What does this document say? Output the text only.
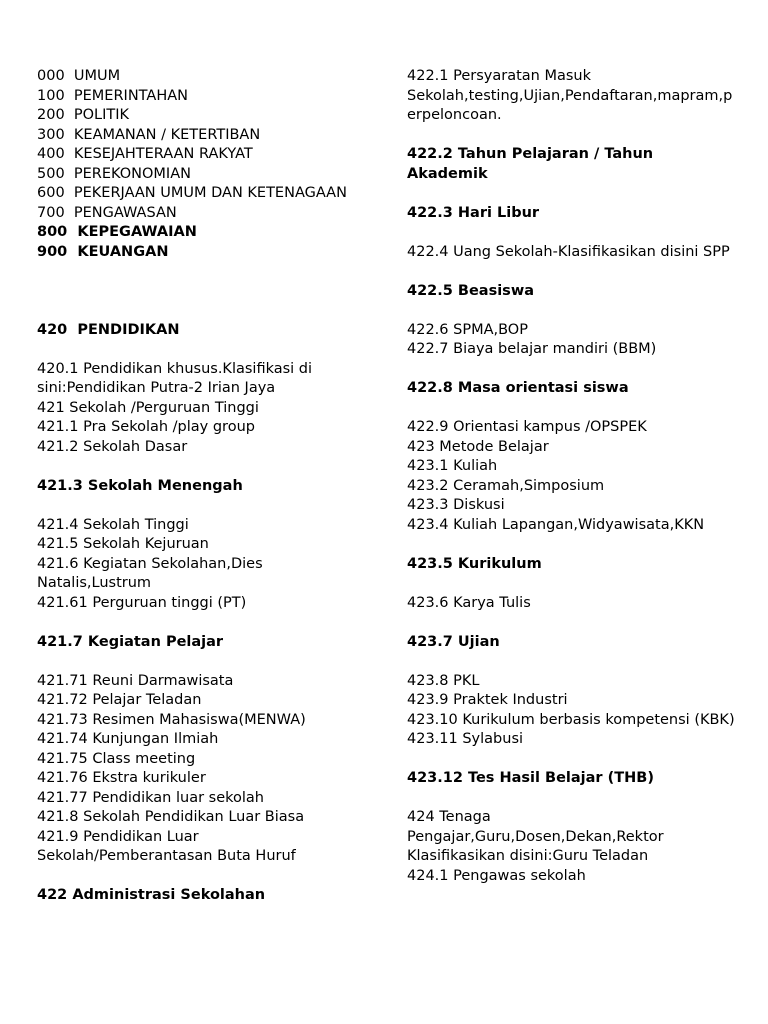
000  UMUM
100  PEMERINTAHAN
200  POLITIK
300  KEAMANAN / KETERTIBAN
400  KESEJAHTERAAN RAKYAT
500  PEREKONOMIAN
600  PEKERJAAN UMUM DAN KETENAGAAN
700  PENGAWASAN
800  KEPEGAWAIAN
900  KEUANGAN
420  PENDIDIKAN
420.1 Pendidikan khusus.Klasifikasi di sini:Pendidikan Putra-2 Irian Jaya
421 Sekolah /Perguruan Tinggi
421.1 Pra Sekolah /play group
421.2 Sekolah Dasar
421.3 Sekolah Menengah
421.4 Sekolah Tinggi
421.5 Sekolah Kejuruan
421.6 Kegiatan Sekolahan,Dies Natalis,Lustrum
421.61 Perguruan tinggi (PT)
421.7 Kegiatan Pelajar
421.71 Reuni Darmawisata
421.72 Pelajar Teladan
421.73 Resimen Mahasiswa(MENWA)
421.74 Kunjungan Ilmiah
421.75 Class meeting
421.76 Ekstra kurikuler
421.77 Pendidikan luar sekolah
421.8 Sekolah Pendidikan Luar Biasa
421.9 Pendidikan Luar Sekolah/Pemberantasan Buta Huruf
422 Administrasi Sekolahan
422.1 Persyaratan Masuk Sekolah,testing,Ujian,Pendaftaran,mapram,perpeloncoan.
422.2 Tahun Pelajaran / Tahun Akademik
422.3 Hari Libur
422.4 Uang Sekolah-Klasifikasikan disini SPP
422.5 Beasiswa
422.6 SPMA,BOP
422.7 Biaya belajar mandiri (BBM)
422.8 Masa orientasi siswa
422.9 Orientasi kampus /OPSPEK
423 Metode Belajar
423.1 Kuliah
423.2 Ceramah,Simposium
423.3 Diskusi
423.4 Kuliah Lapangan,Widyawisata,KKN
423.5 Kurikulum
423.6 Karya Tulis
423.7 Ujian
423.8 PKL
423.9 Praktek Industri
423.10 Kurikulum berbasis kompetensi (KBK)
423.11 Sylabusi
423.12 Tes Hasil Belajar (THB)
424 Tenaga Pengajar,Guru,Dosen,Dekan,Rektor Klasifikasikan disini:Guru Teladan
424.1 Pengawas sekolah
